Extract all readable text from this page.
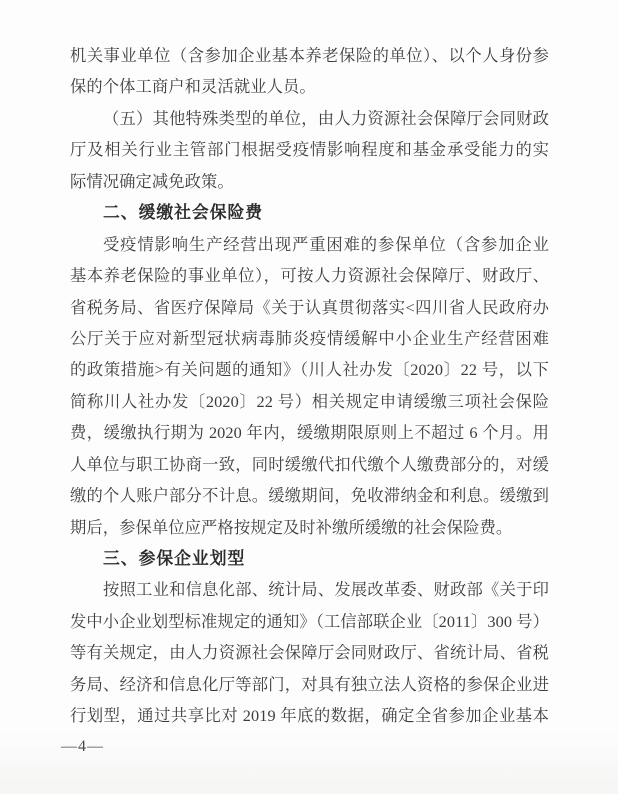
机关事业单位（含参加企业基本养老保险的单位）、以个人身份参
保的个体工商户和灵活就业人员。
（五）其他特殊类型的单位，由人力资源社会保障厅会同财政
厅及相关行业主管部门根据受疫情影响程度和基金承受能力的实
际情况确定减免政策。
二、缓缴社会保险费
受疫情影响生产经营出现严重困难的参保单位（含参加企业
基本养老保险的事业单位），可按人力资源社会保障厅、财政厅、
省税务局、省医疗保障局《关于认真贯彻落实<四川省人民政府办
公厅关于应对新型冠状病毒肺炎疫情缓解中小企业生产经营困难
的政策措施>有关问题的通知》（川人社办发〔2020〕22 号，以下
简称川人社办发〔2020〕22 号）相关规定申请缓缴三项社会保险
费，缓缴执行期为 2020 年内，缓缴期限原则上不超过 6 个月。用
人单位与职工协商一致，同时缓缴代扣代缴个人缴费部分的，对缓
缴的个人账户部分不计息。缓缴期间，免收滞纳金和利息。缓缴到
期后，参保单位应严格按规定及时补缴所缓缴的社会保险费。
三、参保企业划型
按照工业和信息化部、统计局、发展改革委、财政部《关于印
发中小企业划型标准规定的通知》（工信部联企业〔2011〕300 号）
等有关规定，由人力资源社会保障厅会同财政厅、省统计局、省税
务局、经济和信息化厅等部门，对具有独立法人资格的参保企业进
行划型，通过共享比对 2019 年底的数据，确定全省参加企业基本
—4—
